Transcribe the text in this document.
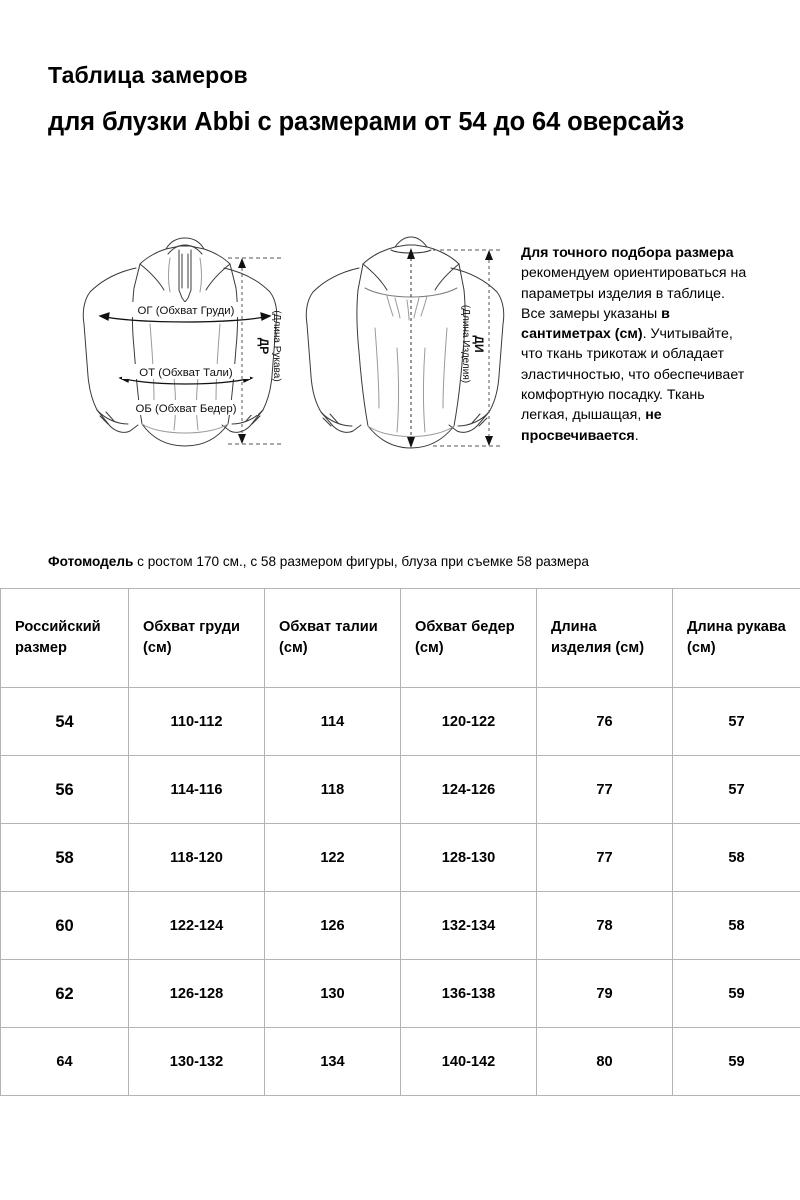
Таблица замеров
для блузки Abbi с размерами от 54 до 64 оверсайз
ОГ (Обхват Груди)
ОТ (Обхват Тали)
ОБ (Обхват Бедер)
ДР (Длина Рукава)	ДИ
(Длина Изделия)
Для точного подбора размера рекомендуем ориентироваться на параметры изделия в таблице.
Все замеры указаны в сантиметрах (см). Учитывайте, что ткань трикотаж и обладает эластичностью, что обеспечивает комфортную посадку. Ткань легкая, дышащая, не просвечивается.
Фотомодель с ростом 170 см., с 58 размером фигуры, блуза при съемке 58 размера
Российский размер	Обхват груди (см)	Обхват талии (см)	Обхват бедер (см)	Длина изделия (см)	Длина рукава (см)
54	110-112	114	120-122	76	57
56	114-116	118	124-126	77	57
58	118-120	122	128-130	77	58
60	122-124	126	132-134	78	58
62	126-128	130	136-138	79	59
64	130-132	134	140-142	80	59
